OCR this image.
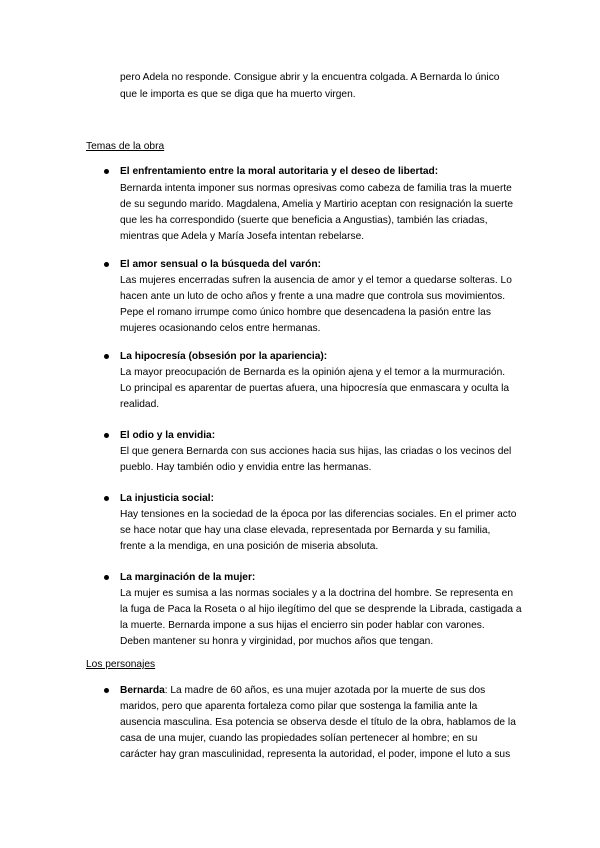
pero Adela no responde. Consigue abrir y la encuentra colgada. A Bernarda lo único
que le importa es que se diga que ha muerto virgen.
Temas de la obra
El enfrentamiento entre la moral autoritaria y el deseo de libertad:
Bernarda intenta imponer sus normas opresivas como cabeza de familia tras la muerte
de su segundo marido. Magdalena, Amelia y Martirio aceptan con resignación la suerte
que les ha correspondido (suerte que beneficia a Angustias), también las criadas,
mientras que Adela y María Josefa intentan rebelarse.
El amor sensual o la búsqueda del varón:
Las mujeres encerradas sufren la ausencia de amor y el temor a quedarse solteras. Lo
hacen ante un luto de ocho años y frente a una madre que controla sus movimientos.
Pepe el romano irrumpe como único hombre que desencadena la pasión entre las
mujeres ocasionando celos entre hermanas.
La hipocresía (obsesión por la apariencia):
La mayor preocupación de Bernarda es la opinión ajena y el temor a la murmuración.
Lo principal es aparentar de puertas afuera, una hipocresía que enmascara y oculta la
realidad.
El odio y la envidia:
El que genera Bernarda con sus acciones hacia sus hijas, las criadas o los vecinos del
pueblo. Hay también odio y envidia entre las hermanas.
La injusticia social:
Hay tensiones en la sociedad de la época por las diferencias sociales. En el primer acto
se hace notar que hay una clase elevada, representada por Bernarda y su familia,
frente a la mendiga, en una posición de miseria absoluta.
La marginación de la mujer:
La mujer es sumisa a las normas sociales y a la doctrina del hombre. Se representa en
la fuga de Paca la Roseta o al hijo ilegítimo del que se desprende la Librada, castigada a
la muerte. Bernarda impone a sus hijas el encierro sin poder hablar con varones.
Deben mantener su honra y virginidad, por muchos años que tengan.
Los personajes
Bernarda: La madre de 60 años, es una mujer azotada por la muerte de sus dos
maridos, pero que aparenta fortaleza como pilar que sostenga la familia ante la
ausencia masculina. Esa potencia se observa desde el título de la obra, hablamos de la
casa de una mujer, cuando las propiedades solían pertenecer al hombre; en su
carácter hay gran masculinidad, representa la autoridad, el poder, impone el luto a sus
